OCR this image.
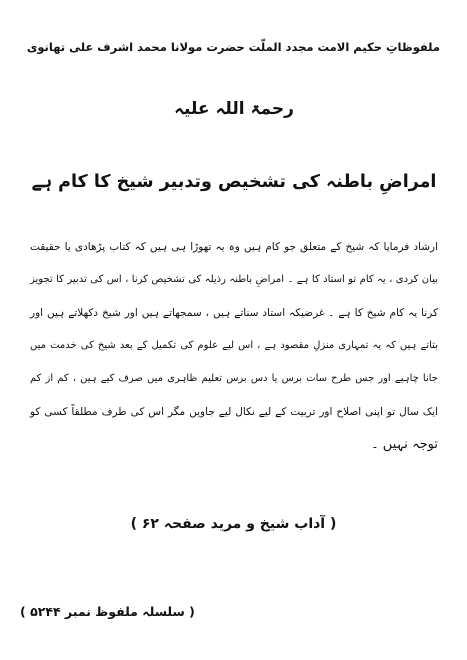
ملفوظاتِ حکیم الامت مجدد الملّت حضرت مولانا محمد اشرف علی تھانوی
رحمۃ اللہ علیہ
امراضِ باطنہ کی تشخیص وتدبیر شیخ کا کام ہے
ارشاد فرمایا کہ شیخ کے متعلق جو کام ہیں وہ یہ تھوڑا ہی ہیں کہ کتاب پڑھادی یا حقیقت
بیان کردی ، یہ کام تو استاد کا ہے ۔ امراضِ باطنہ رذیلہ کی تشخیص کرنا ، اس کی تدبیر کا تجویز
کرنا یہ کام شیخ کا ہے ۔ غرضیکہ استاد سناتے ہیں ، سمجھاتے ہیں اور شیخ دکھلاتے ہیں اور
بتاتے ہیں کہ یہ تمہاری منزلِ مقصود ہے ، اس لیے علوم کی تکمیل کے بعد شیخ کی خدمت میں
جانا چاہیے اور جس طرح سات برس یا دس برس تعلیم ظاہری میں صرف کیے ہیں ، کم از کم
ایک سال تو اپنی اصلاح اور تربیت کے لیے نکال لیے جاویں مگر اس کی طرف مطلقاً کسی کو
توجہ نہیں ۔
( آداب شیخ و مرید صفحہ ۶۲ )
( سلسلہ ملفوظ نمبر ۵۲۴۴ )
